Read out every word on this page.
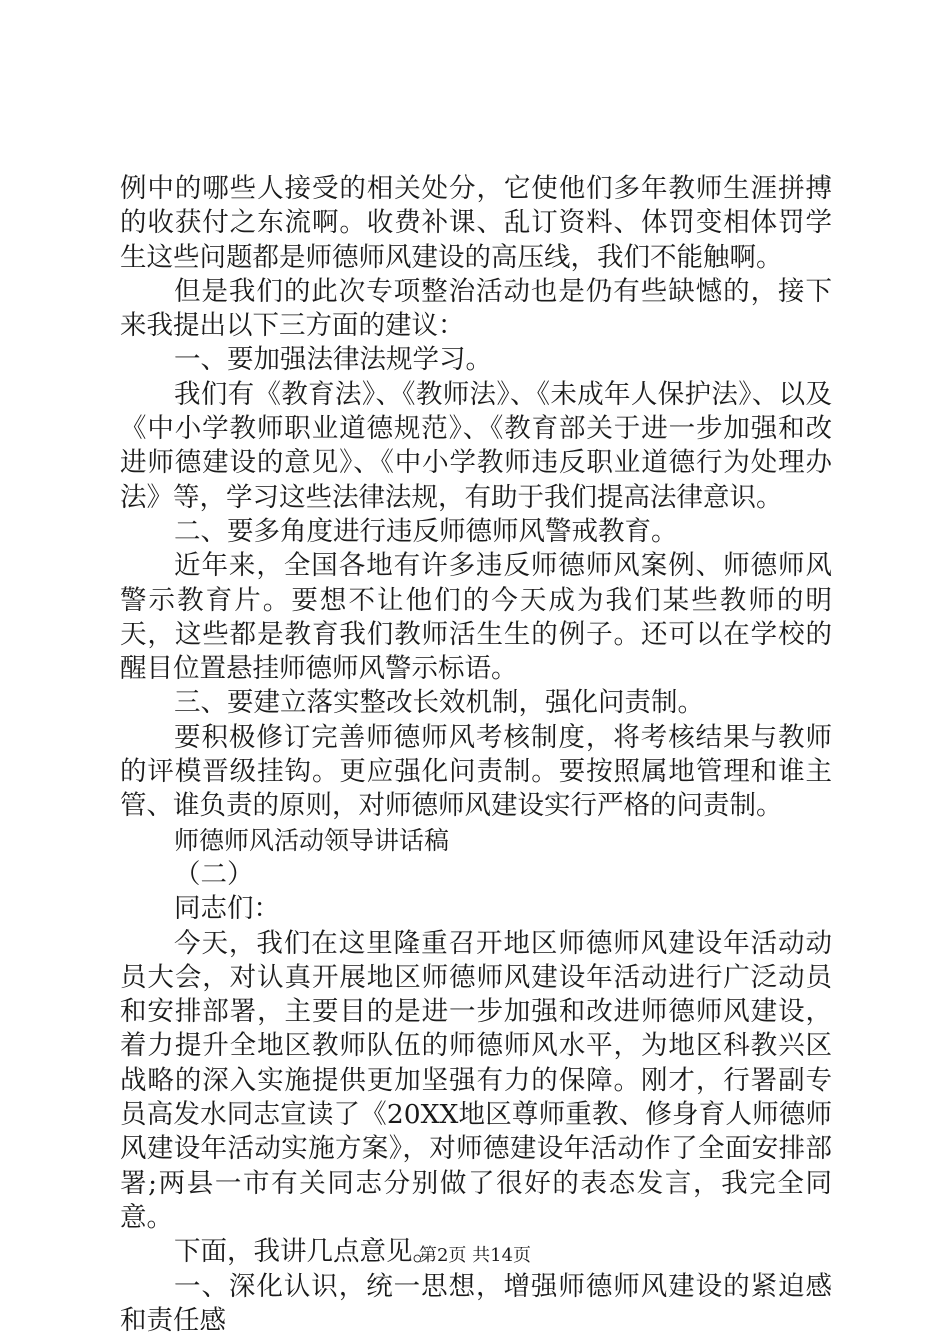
例中的哪些人接受的相关处分，它使他们多年教师生涯拼搏的收获付之东流啊。收费补课、乱订资料、体罚变相体罚学生这些问题都是师德师风建设的高压线，我们不能触啊。

但是我们的此次专项整治活动也是仍有些缺憾的，接下来我提出以下三方面的建议：

一、要加强法律法规学习。

我们有《教育法》、《教师法》、《未成年人保护法》、以及《中小学教师职业道德规范》、《教育部关于进一步加强和改进师德建设的意见》、《中小学教师违反职业道德行为处理办法》等，学习这些法律法规，有助于我们提高法律意识。

二、要多角度进行违反师德师风警戒教育。

近年来，全国各地有许多违反师德师风案例、师德师风警示教育片。要想不让他们的今天成为我们某些教师的明天，这些都是教育我们教师活生生的例子。还可以在学校的醒目位置悬挂师德师风警示标语。

三、要建立落实整改长效机制，强化问责制。

要积极修订完善师德师风考核制度，将考核结果与教师的评模晋级挂钩。更应强化问责制。要按照属地管理和谁主管、谁负责的原则，对师德师风建设实行严格的问责制。

师德师风活动领导讲话稿

（二）

同志们：

今天，我们在这里隆重召开地区师德师风建设年活动动员大会，对认真开展地区师德师风建设年活动进行广泛动员和安排部署，主要目的是进一步加强和改进师德师风建设，着力提升全地区教师队伍的师德师风水平，为地区科教兴区战略的深入实施提供更加坚强有力的保障。刚才，行署副专员高发水同志宣读了《20XX地区尊师重教、修身育人师德师风建设年活动实施方案》，对师德建设年活动作了全面安排部署;两县一市有关同志分别做了很好的表态发言，我完全同意。

下面，我讲几点意见。

一、深化认识，统一思想，增强师德师风建设的紧迫感和责任感

第2页 共14页
